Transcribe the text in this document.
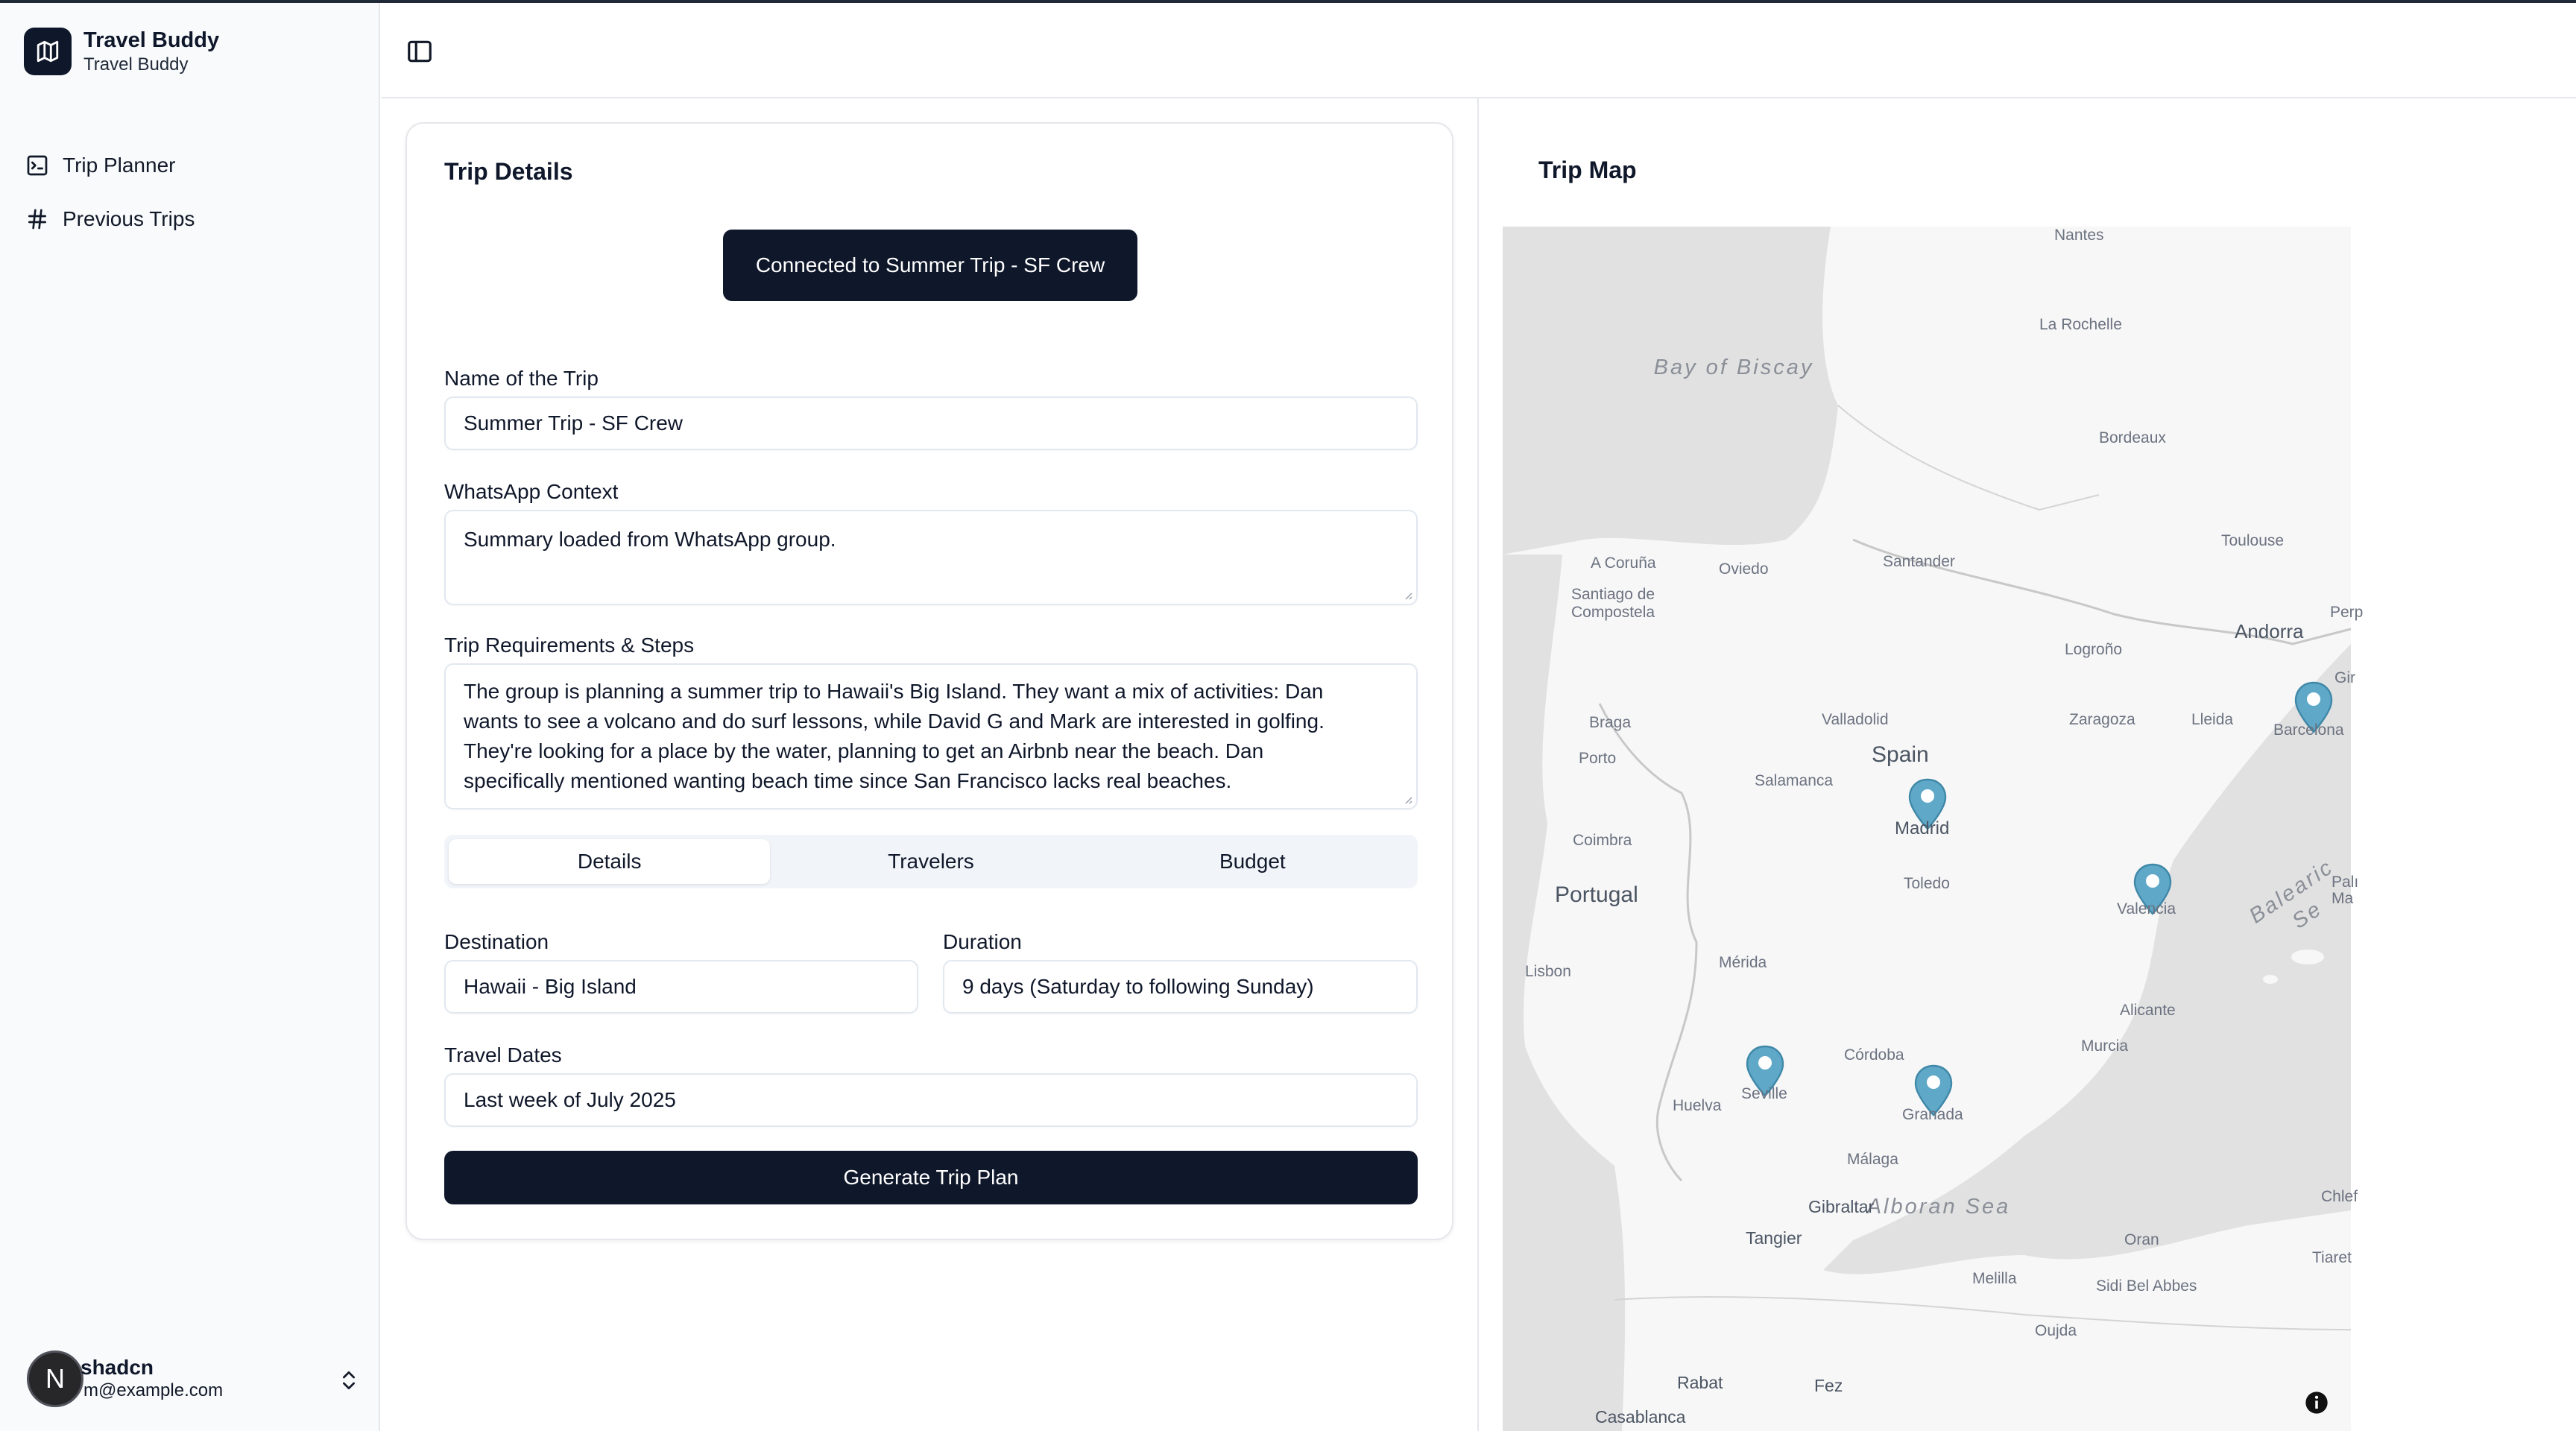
Travel Buddy
Travel Buddy
Trip Planner
Previous Trips
N shadcn
m@example.com
Trip Details
Connected to Summer Trip - SF Crew
Name of the Trip
Summer Trip - SF Crew
WhatsApp Context
Summary loaded from WhatsApp group.
Trip Requirements & Steps
The group is planning a summer trip to Hawaii's Big Island. They want a mix of activities: Dan
wants to see a volcano and do surf lessons, while David G and Mark are interested in golfing.
They're looking for a place by the water, planning to get an Airbnb near the beach. Dan
specifically mentioned wanting beach time since San Francisco lacks real beaches.
Details	Travelers	Budget
Destination
Hawaii - Big Island
Duration
9 days (Saturday to following Sunday)
Travel Dates
Last week of July 2025
Generate Trip Plan
Trip Map
Bay of Biscay
Alboran Sea
Balearic Se
Spain
Portugal
Andorra
Nantes
La Rochelle
Bordeaux
Toulouse
Perp
Gir
A Coruña
Santiago de Compostela
Oviedo	Santander
Logroño
Valladolid	Zaragoza	Lleida
Braga
Porto
Salamanca
Coimbra
Toledo	Palı
Ma
Lisbon
Mérida
Alicante
Córdoba
Murcia
Huelva
Málaga
Gibraltar
Tangier	Oran
Melilla
Chlef
Tiaret
Sidi Bel Abbes
Oujda
Rabat	Fez
Casablanca
Madrid
Barcelona
Valencia
Seville
Granada
